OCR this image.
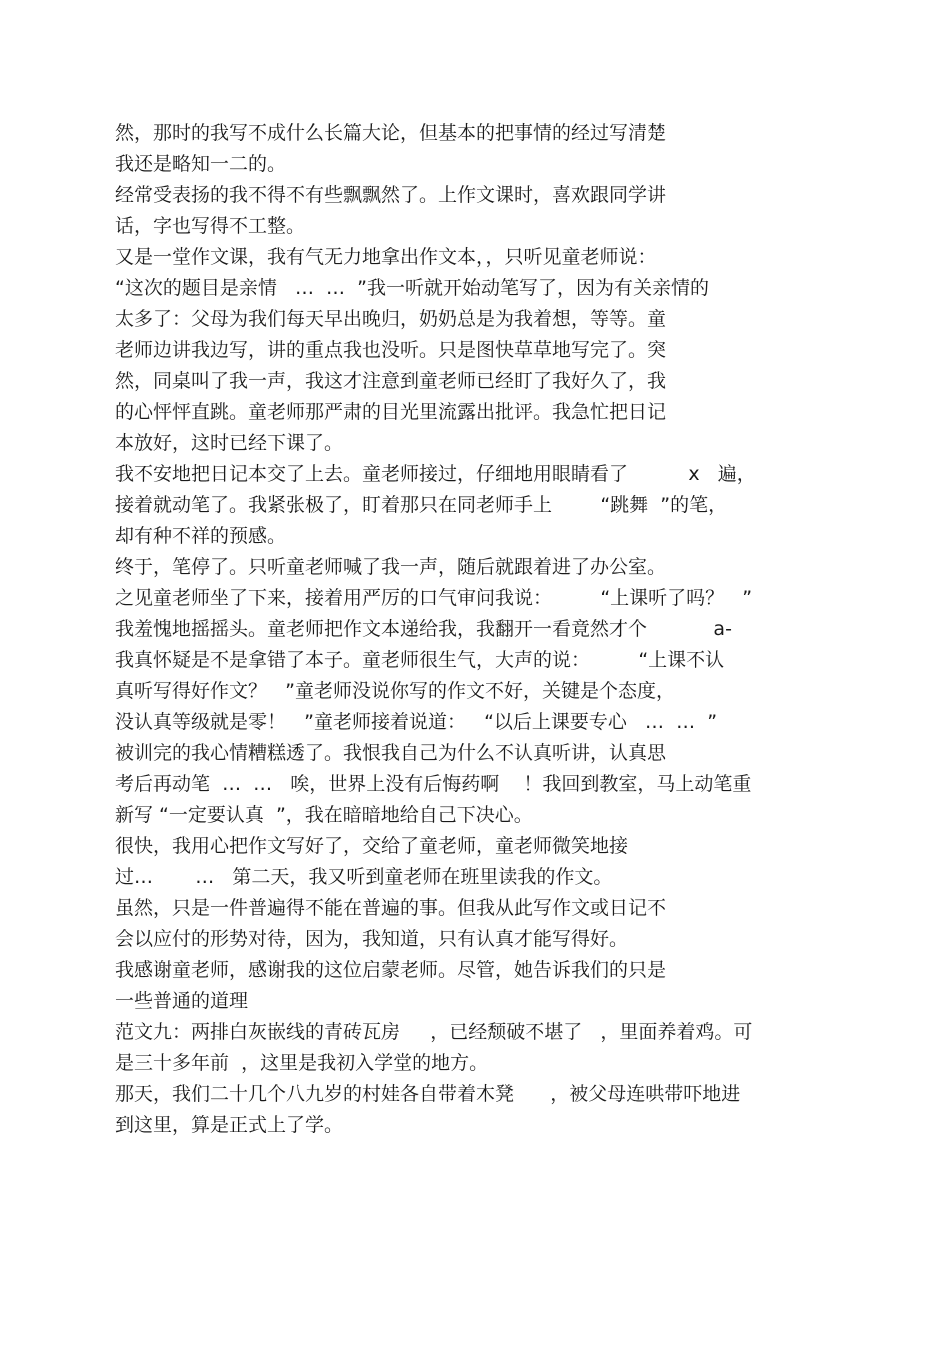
然，那时的我写不成什么长篇大论，但基本的把事情的经过写清楚
我还是略知一二的。
经常受表扬的我不得不有些飘飘然了。上作文课时，喜欢跟同学讲
话，字也写得不工整。
又是一堂作文课，我有气无力地拿出作文本，，只听见童老师说：
“这次的题目是亲情   …  …  ”我一听就开始动笔写了，因为有关亲情的
太多了：父母为我们每天早出晚归，奶奶总是为我着想，等等。童
老师边讲我边写，讲的重点我也没听。只是图快草草地写完了。突
然，同桌叫了我一声，我这才注意到童老师已经盯了我好久了，我
的心怦怦直跳。童老师那严肃的目光里流露出批评。我急忙把日记
本放好，这时已经下课了。
我不安地把日记本交了上去。童老师接过，仔细地用眼睛看了          x   遍，
接着就动笔了。我紧张极了，盯着那只在同老师手上        “跳舞  ”的笔，
却有种不祥的预感。
终于，笔停了。只听童老师喊了我一声，随后就跟着进了办公室。
之见童老师坐了下来，接着用严厉的口气审问我说：        “上课听了吗？   ”
我羞愧地摇摇头。童老师把作文本递给我，我翻开一看竟然才个           a-
我真怀疑是不是拿错了本子。童老师很生气，大声的说：        “上课不认
真听写得好作文？   ”童老师没说你写的作文不好，关键是个态度，
没认真等级就是零！   ”童老师接着说道：   “以后上课要专心   …  …  ”
被训完的我心情糟糕透了。我恨我自己为什么不认真听讲，认真思
考后再动笔  …  …   唉，世界上没有后悔药啊    ！我回到教室，马上动笔重
新写 “一定要认真  ”，我在暗暗地给自己下决心。
很快，我用心把作文写好了，交给了童老师，童老师微笑地接
过…       …   第二天，我又听到童老师在班里读我的作文。
虽然，只是一件普遍得不能在普遍的事。但我从此写作文或日记不
会以应付的形势对待，因为，我知道，只有认真才能写得好。
我感谢童老师，感谢我的这位启蒙老师。尽管，她告诉我们的只是
一些普通的道理
范文九：两排白灰嵌线的青砖瓦房     ，已经颓破不堪了   ，里面养着鸡。可
是三十多年前  ，这里是我初入学堂的地方。
那天，我们二十几个八九岁的村娃各自带着木凳      ，被父母连哄带吓地进
到这里，算是正式上了学。
